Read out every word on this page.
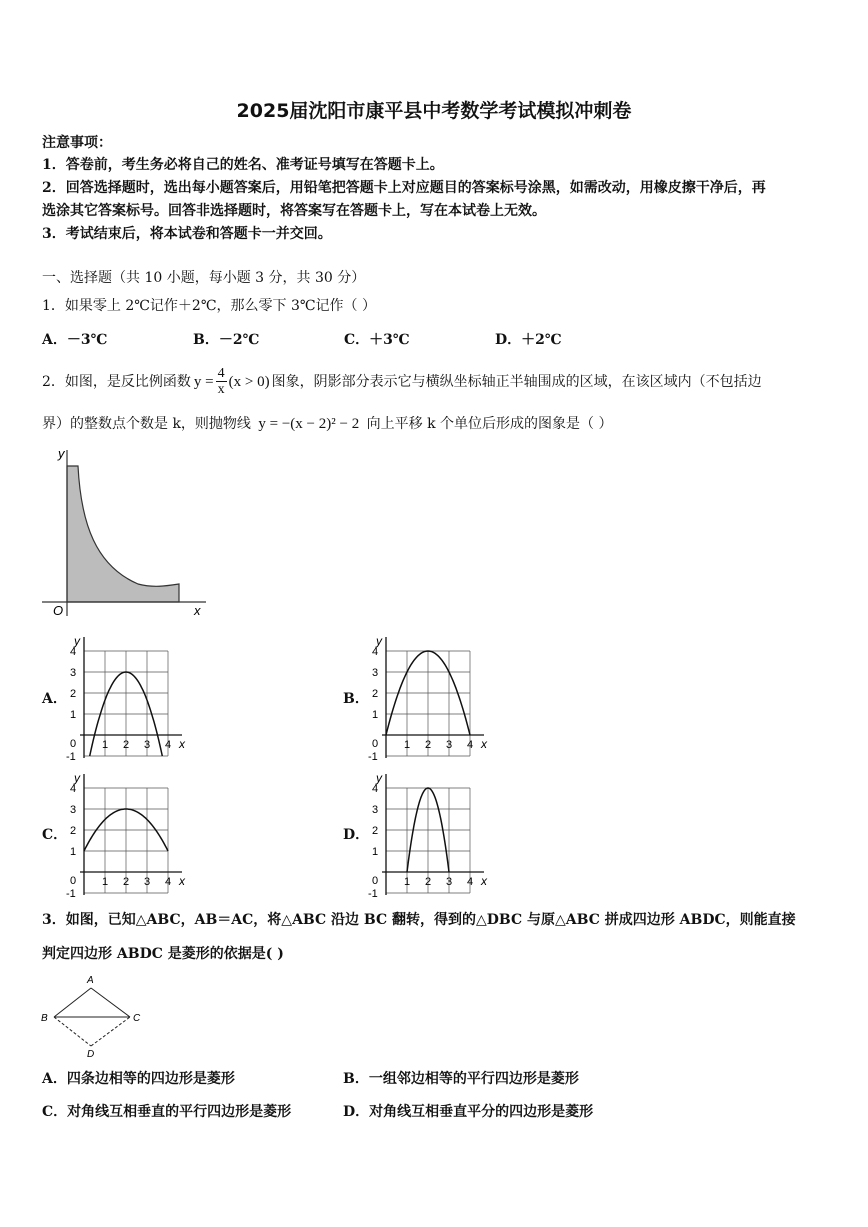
2025届沈阳市康平县中考数学考试模拟冲刺卷
注意事项：
1．答卷前，考生务必将自己的姓名、准考证号填写在答题卡上。
2．回答选择题时，选出每小题答案后，用铅笔把答题卡上对应题目的答案标号涂黑，如需改动，用橡皮擦干净后，再
选涂其它答案标号。回答非选择题时，将答案写在答题卡上，写在本试卷上无效。
3．考试结束后，将本试卷和答题卡一并交回。
一、选择题（共 10 小题，每小题 3 分，共 30 分）
1．如果零上 2℃记作＋2℃，那么零下 3℃记作（ ）
A．－3℃	B．－2℃	C．＋3℃	D．＋2℃
2．如图，是反比例函数 $y = \frac{4}{x} (x > 0)$ 图象，阴影部分表示它与横纵坐标轴正半轴围成的区域，在该区域内（不包括边
界）的整数点个数是 k，则抛物线 y = −(x − 2)² − 2 向上平移 k 个单位后形成的图象是（ ）
y
O	x
A．	B．
C．	D．
y
x
4
3
2
1
0
-1
1 2 3 4
y
x
4
3
2
1
0
-1
1 2 3 4
y
x
4
3
2
1
0
-1
1 2 3 4
y
x
4
3
2
1
0
-1
1 2 3 4
3．如图，已知△ABC，AB＝AC，将△ABC 沿边 BC 翻转，得到的△DBC 与原△ABC 拼成四边形 ABDC，则能直接
判定四边形 ABDC 是菱形的依据是( )
A
B	C
D
A．四条边相等的四边形是菱形	B．一组邻边相等的平行四边形是菱形
C．对角线互相垂直的平行四边形是菱形	D．对角线互相垂直平分的四边形是菱形
